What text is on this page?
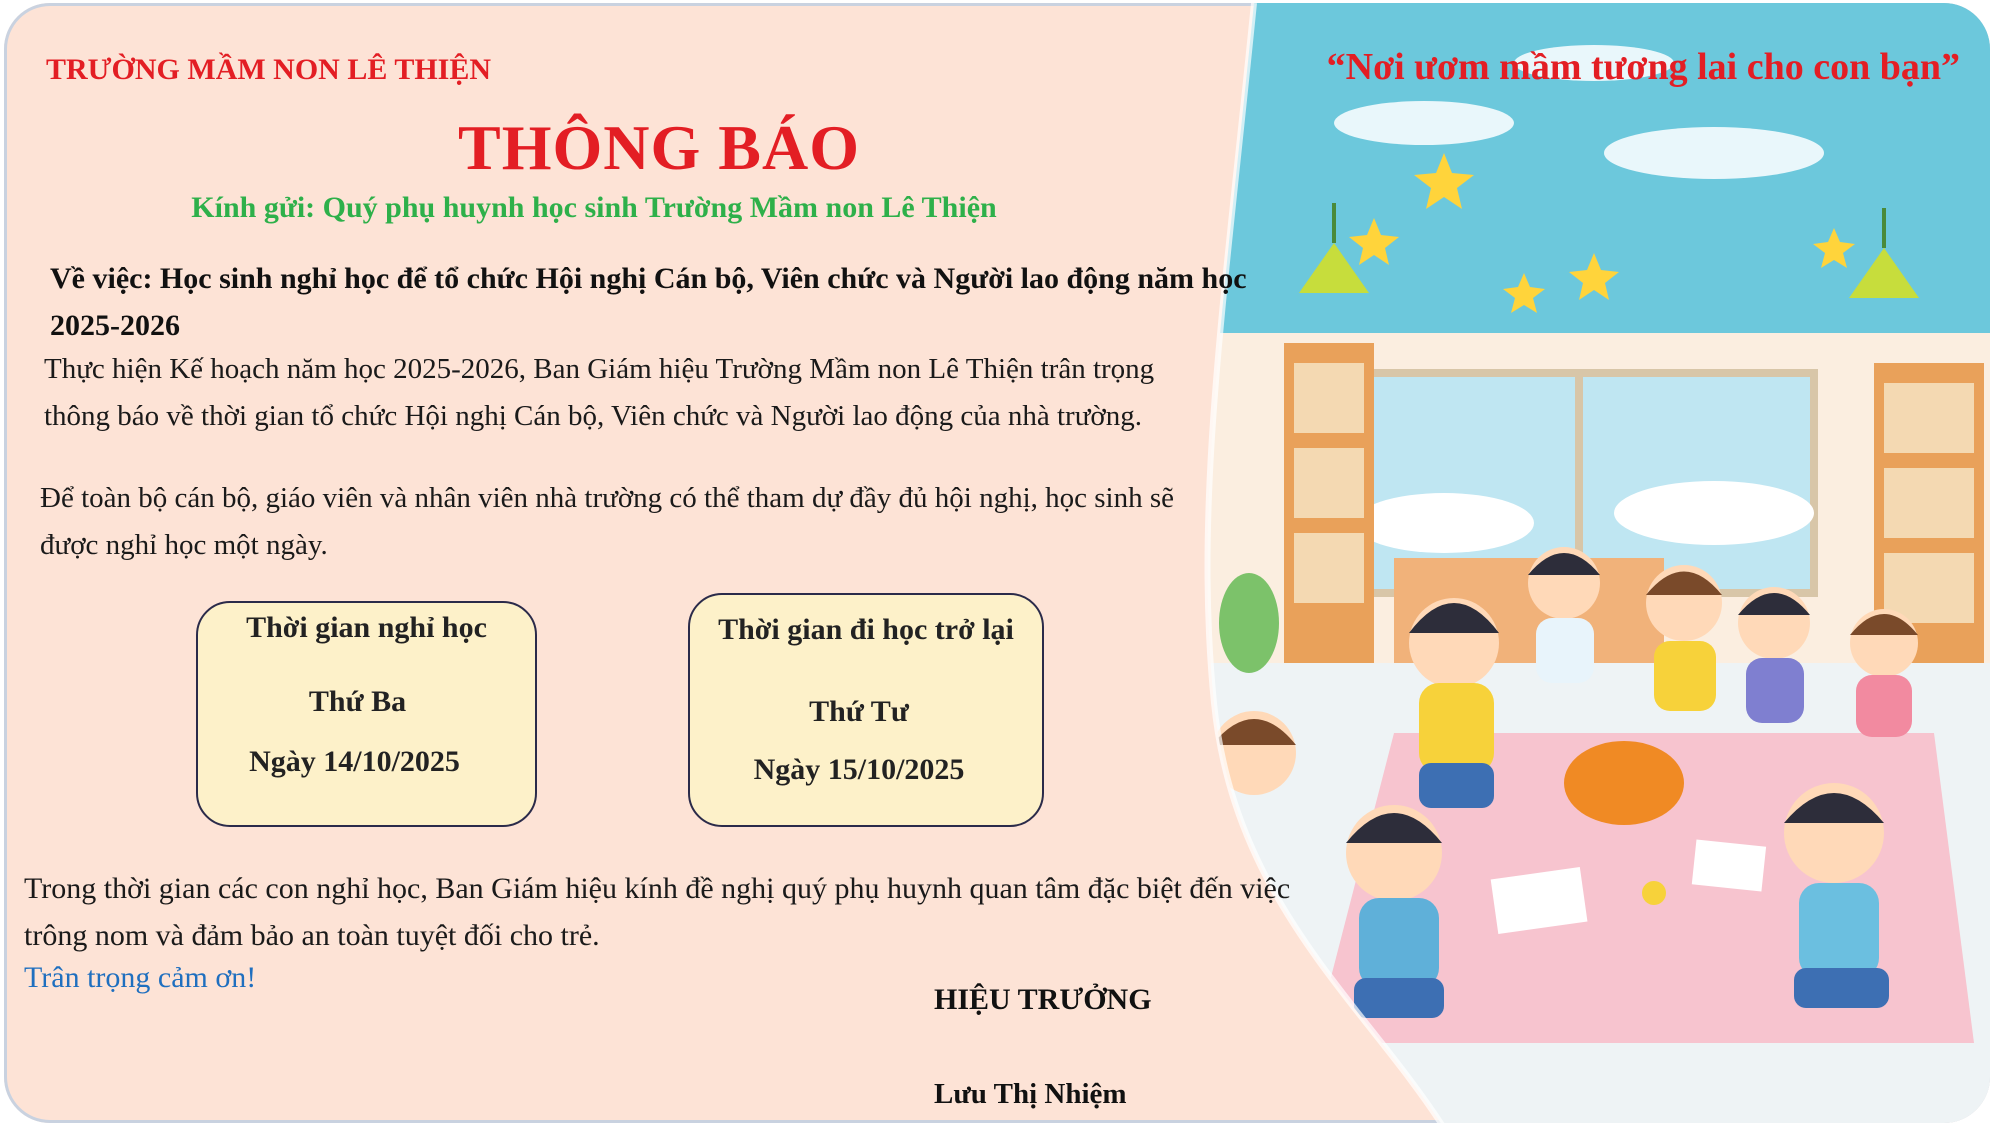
TRƯỜNG MẦM NON LÊ THIỆN	“Nơi ươm mầm tương lai cho con bạn”

THÔNG BÁO

Kính gửi: Quý phụ huynh học sinh Trường Mầm non Lê Thiện

Về việc: Học sinh nghỉ học để tổ chức Hội nghị Cán bộ, Viên chức và Người lao động năm học 2025-2026

Thực hiện Kế hoạch năm học 2025-2026, Ban Giám hiệu Trường Mầm non Lê Thiện trân trọng thông báo về thời gian tổ chức Hội nghị Cán bộ, Viên chức và Người lao động của nhà trường.

Để toàn bộ cán bộ, giáo viên và nhân viên nhà trường có thể tham dự đầy đủ hội nghị, học sinh sẽ được nghỉ học một ngày.

Thời gian nghỉ học

Thứ Ba

Ngày 14/10/2025

Thời gian đi học trở lại

Thứ Tư

Ngày 15/10/2025

Trong thời gian các con nghỉ học, Ban Giám hiệu kính đề nghị quý phụ huynh quan tâm đặc biệt đến việc trông nom và đảm bảo an toàn tuyệt đối cho trẻ.

Trân trọng cảm ơn!

HIỆU TRƯỞNG

Lưu Thị Nhiệm
